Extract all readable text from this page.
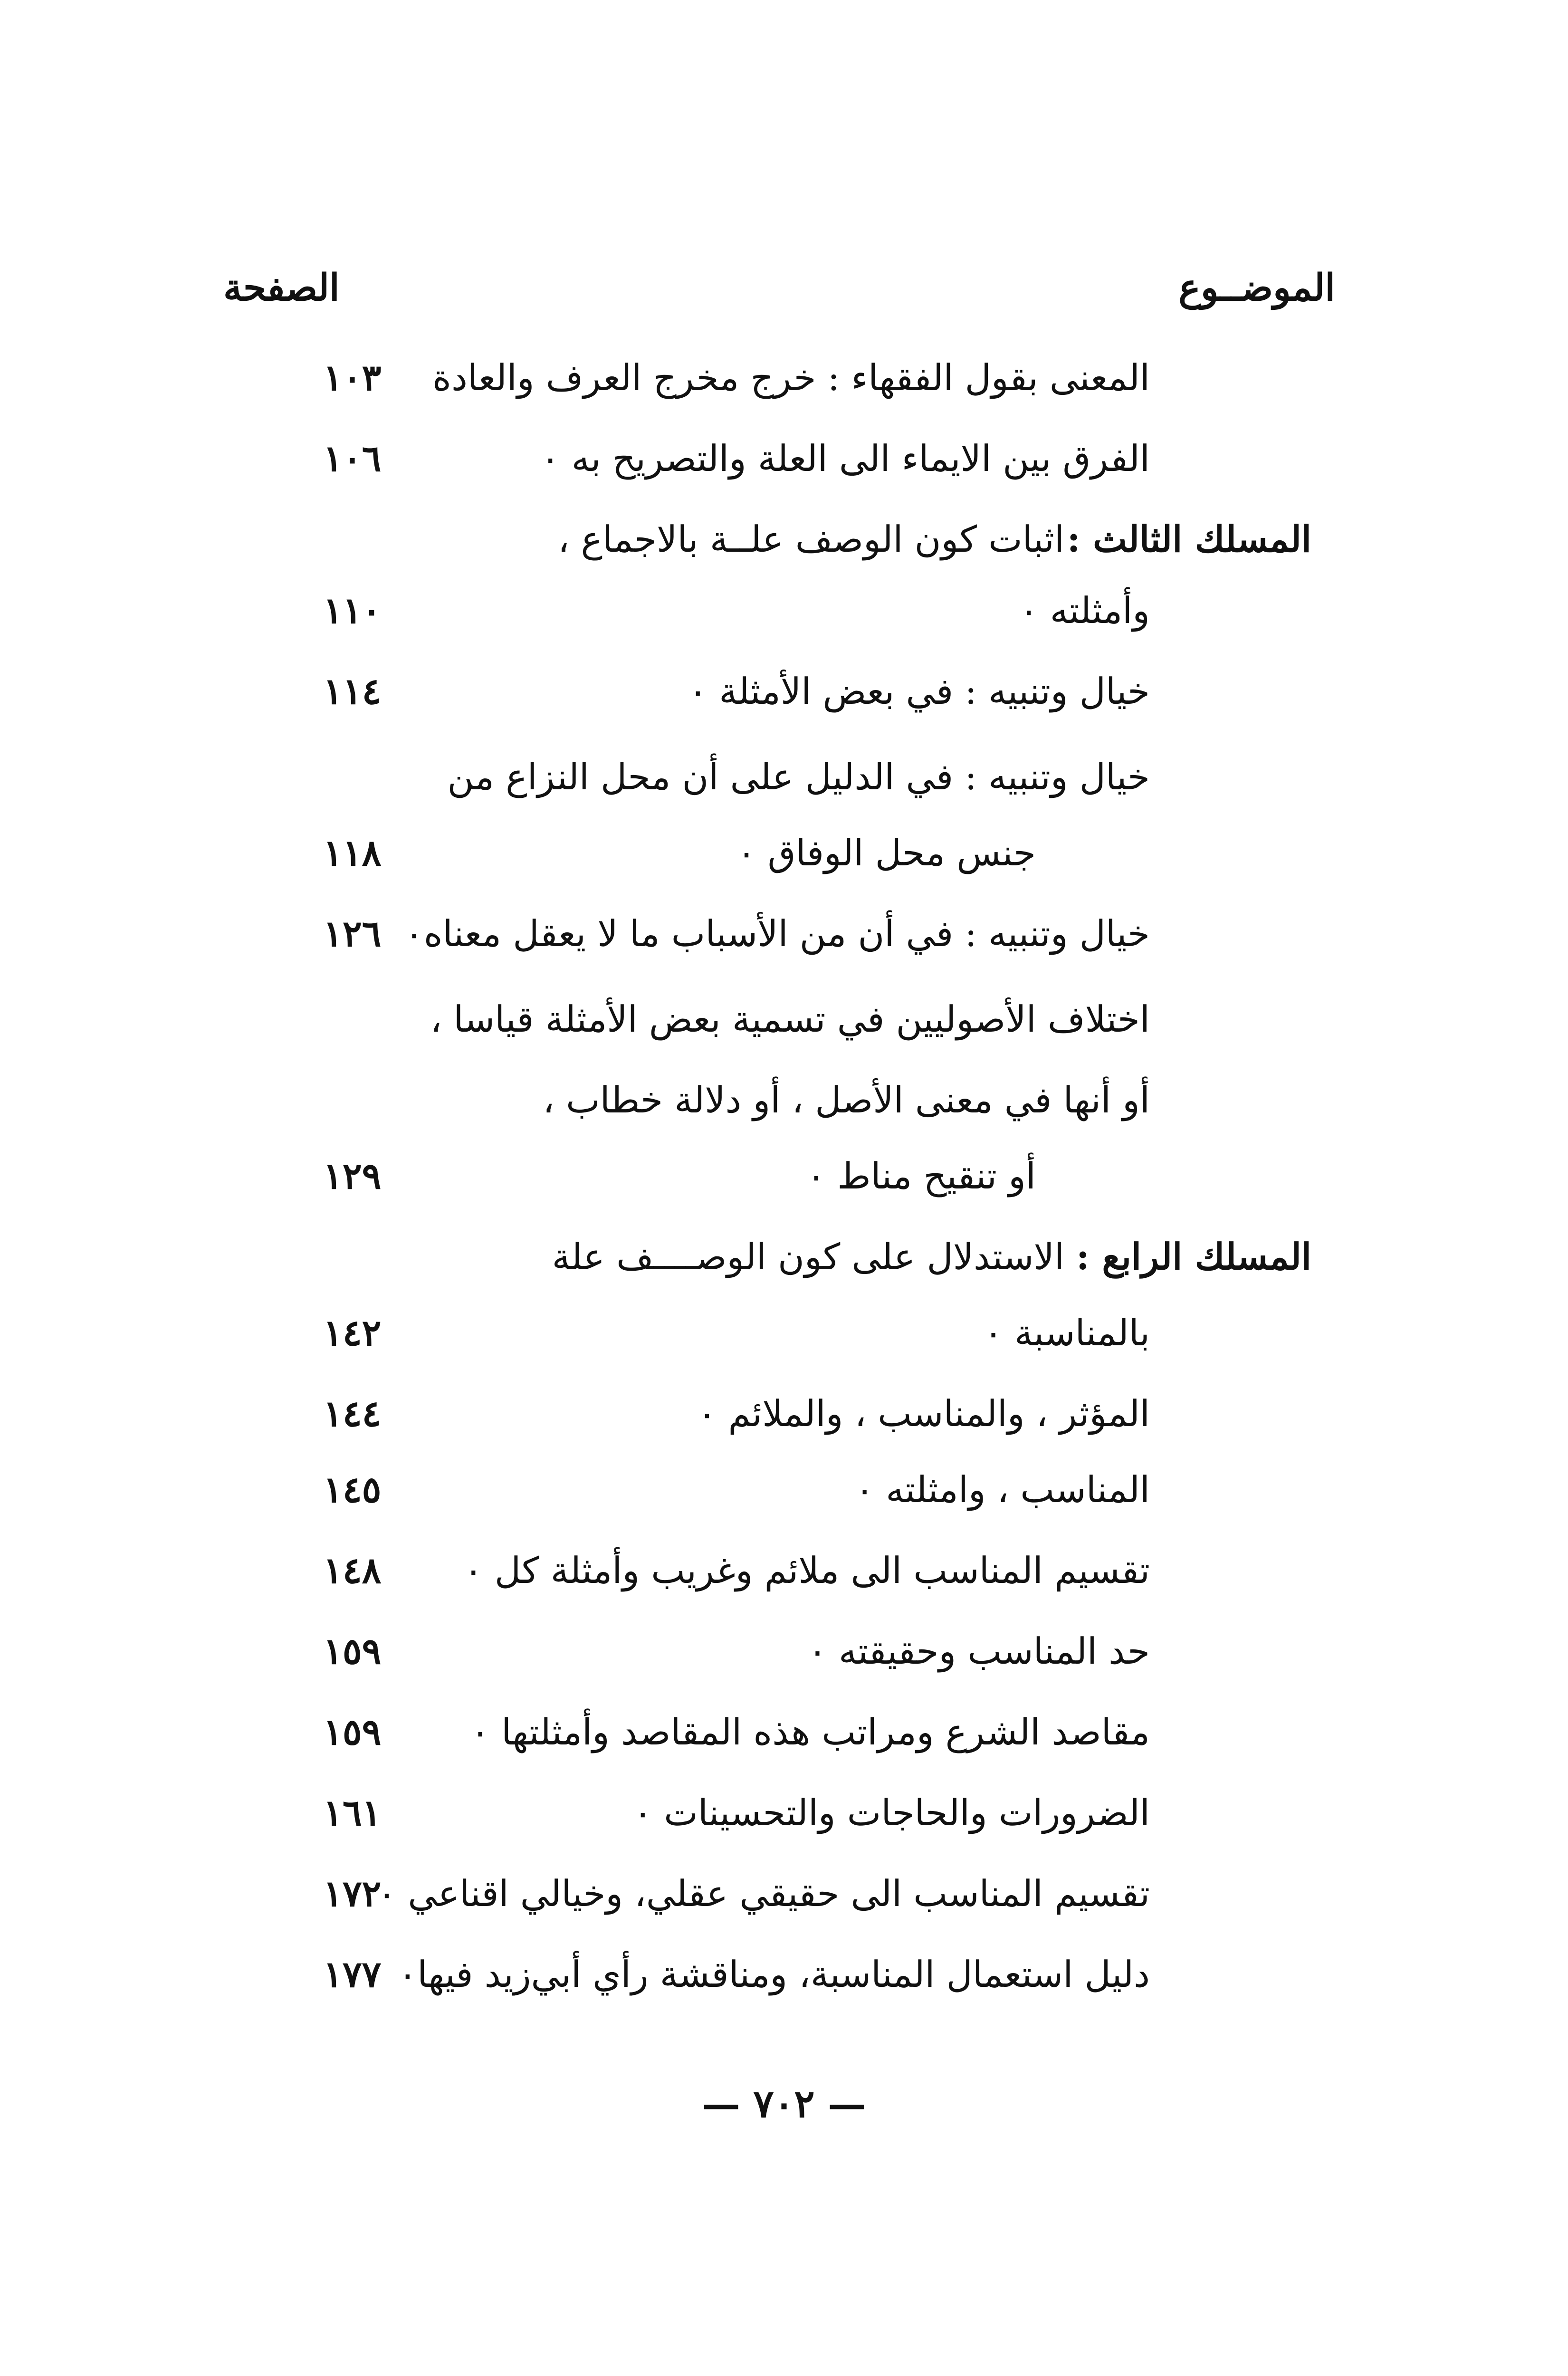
الموضــوع
الصفحة
المعنى بقول الفقهاء : خرج مخرج العرف والعادة
١٠٣
الفرق بين الايماء الى العلة والتصريح به ٠
١٠٦
المسلك الثالث :
اثبات كون الوصف علــة بالاجماع ،
وأمثلته ٠
١١٠
خيال وتنبيه : في بعض الأمثلة ٠
١١٤
خيال وتنبيه : في الدليل على أن محل النزاع من
جنس محل الوفاق ٠
١١٨
خيال وتنبيه : في أن من الأسباب ما لا يعقل معناه٠
١٢٦
اختلاف الأصوليين في تسمية بعض الأمثلة قياسا ،
أو أنها في معنى الأصل ، أو دلالة خطاب ،
أو تنقيح مناط ٠
١٢٩
المسلك الرابع :
الاستدلال على كون الوصــــف علة
بالمناسبة ٠
١٤٢
المؤثر ، والمناسب ، والملائم ٠
١٤٤
المناسب ، وامثلته ٠
١٤٥
تقسيم المناسب الى ملائم وغريب وأمثلة كل ٠
١٤٨
حد المناسب وحقيقته ٠
١٥٩
مقاصد الشرع ومراتب هذه المقاصد وأمثلتها ٠
١٥٩
الضرورات والحاجات والتحسينات ٠
١٦١
تقسيم المناسب الى حقيقي عقلي، وخيالي اقناعي ٠
١٧٢
دليل استعمال المناسبة، ومناقشة رأي أبي‌زيد فيها٠
١٧٧
— ٧٠٢ —
